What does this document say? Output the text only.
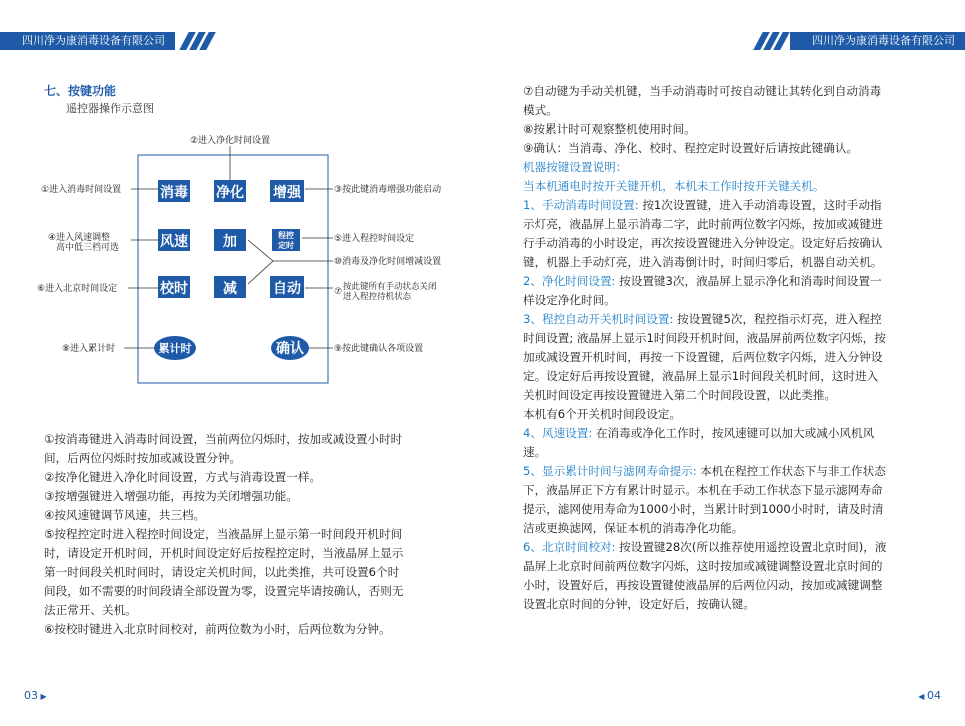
四川净为康消毒设备有限公司	四川净为康消毒设备有限公司
七、按键功能
遥控器操作示意图
消毒 净化 增强
风速	加	程控
定时
校时	减	自动
累计时	确认
②进入净化时间设置
①进入消毒时间设置	③按此键消毒增强功能启动
④进入风速调整
高中低三档可选
⑤进入程控时间设定
⑩消毒及净化时间增减设置
⑥进入北京时间设定	⑦ 按此键所有手动状态关闭
进入程控待机状态
⑧进入累计时	⑨按此键确认各项设置
①按消毒键进入消毒时间设置，当前两位闪烁时，按加或减设置小时时
间，后两位闪烁时按加或减设置分钟。
②按净化键进入净化时间设置，方式与消毒设置一样。
③按增强键进入增强功能，再按为关闭增强功能。
④按风速键调节风速，共三档。
⑤按程控定时进入程控时间设定，当液晶屏上显示第一时间段开机时间
时，请设定开机时间，开机时间设定好后按程控定时，当液晶屏上显示
第一时间段关机时间时，请设定关机时间，以此类推，共可设置6个时
间段，如不需要的时间段请全部设置为零，设置完毕请按确认，否则无
法正常开、关机。
⑥按校时键进入北京时间校对，前两位数为小时，后两位数为分钟。
⑦自动键为手动关机键，当手动消毒时可按自动键让其转化到自动消毒
模式。
⑧按累计时可观察整机使用时间。
⑨确认：当消毒、净化、校时、程控定时设置好后请按此键确认。
机器按键设置说明：
当本机通电时按开关键开机，本机未工作时按开关键关机。
1、手动消毒时间设置: 按1次设置键，进入手动消毒设置，这时手动指
示灯亮，液晶屏上显示消毒二字，此时前两位数字闪烁，按加或减键进
行手动消毒的小时设定，再次按设置键进入分钟设定。设定好后按确认
键，机器上手动灯亮，进入消毒倒计时，时间归零后，机器自动关机。
2、净化时间设置: 按设置键3次，液晶屏上显示净化和消毒时间设置一
样设定净化时间。
3、程控自动开关机时间设置: 按设置键5次，程控指示灯亮，进入程控
时间设置; 液晶屏上显示1时间段开机时间，液晶屏前两位数字闪烁，按
加或减设置开机时间，再按一下设置键，后两位数字闪烁，进入分钟设
定。设定好后再按设置键，液晶屏上显示1时间段关机时间，这时进入
关机时间设定再按设置键进入第二个时间段设置，以此类推。
本机有6个开关机时间段设定。
4、风速设置: 在消毒或净化工作时，按风速键可以加大或减小风机风
速。
5、显示累计时间与滤网寿命提示: 本机在程控工作状态下与非工作状态
下，液晶屏正下方有累计时显示。本机在手动工作状态下显示滤网寿命
提示，滤网使用寿命为1000小时，当累计时到1000小时时，请及时清
洁或更换滤网，保证本机的消毒净化功能。
6、北京时间校对: 按设置键28次(所以推荐使用遥控设置北京时间)，液
晶屏上北京时间前两位数字闪烁，这时按加或减键调整设置北京时间的
小时，设置好后，再按设置键使液晶屏的后两位闪动，按加或减键调整
设置北京时间的分钟，设定好后，按确认键。
03 ▶	◀ 04
